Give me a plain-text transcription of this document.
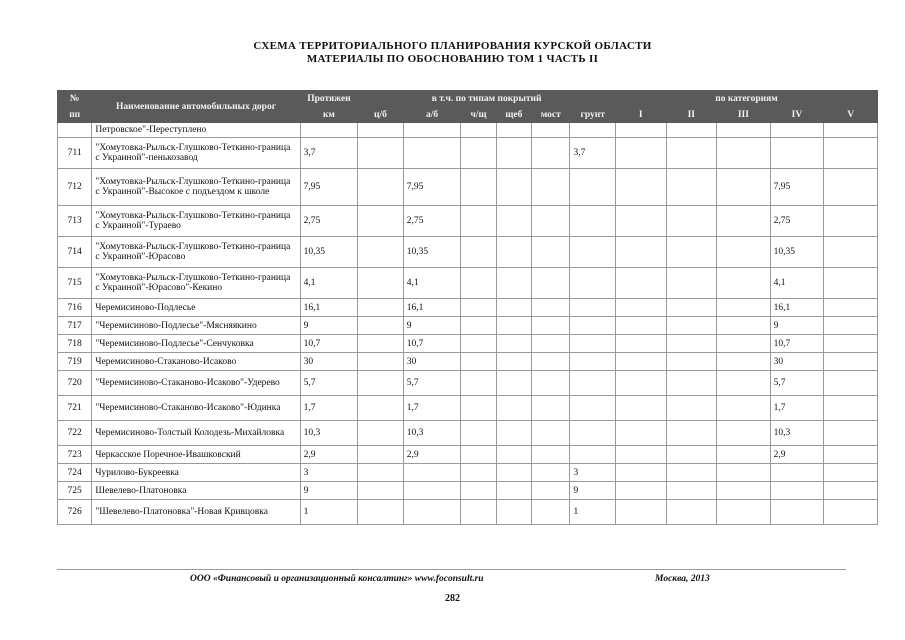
СХЕМА ТЕРРИТОРИАЛЬНОГО ПЛАНИРОВАНИЯ КУРСКОЙ ОБЛАСТИ
МАТЕРИАЛЫ ПО ОБОСНОВАНИЮ ТОМ 1 ЧАСТЬ II
№	Наименование автомобильных дорог	Протяжен	в т.ч. по типам покрытий						по категориям				
пп		км	ц/б	а/б	ч/щ	щеб	мост	грунт	I	II	III	IV	V
	Петровское"-Переступлено												
711	"Хомутовка-Рыльск-Глушково-Теткино-граница с Украиной"-пенькозавод	3,7						3,7					
712	"Хомутовка-Рыльск-Глушково-Теткино-граница с Украиной"-Высокое с подъездом к школе	7,95		7,95								7,95	
713	"Хомутовка-Рыльск-Глушково-Теткино-граница с Украиной"-Тураево	2,75		2,75								2,75	
714	"Хомутовка-Рыльск-Глушково-Теткино-граница с Украиной"-Юрасово	10,35		10,35								10,35	
715	"Хомутовка-Рыльск-Глушково-Теткино-граница с Украиной"-Юрасово"-Кекино	4,1		4,1								4,1	
716	Черемисиново-Подлесье	16,1		16,1								16,1	
717	"Черемисиново-Подлесье"-Мясняякино	9		9								9	
718	"Черемисиново-Подлесье"-Сенчуковка	10,7		10,7								10,7	
719	Черемисиново-Стаканово-Исаково	30		30								30	
720	"Черемисиново-Стаканово-Исаково"-Удерево	5,7		5,7								5,7	
721	"Черемисиново-Стаканово-Исаково"-Юдинка	1,7		1,7								1,7	
722	Черемисиново-Толстый Колодезь-Михайловка	10,3		10,3								10,3	
723	Черкасское Поречное-Ивашковский	2,9		2,9								2,9	
724	Чурилово-Букреевка	3						3					
725	Шевелево-Платоновка	9						9					
726	"Шевелево-Платоновка"-Новая Кривцовка	1						1					
ООО «Финансовый и организационный консалтинг» www.foconsult.ru	Москва, 2013
282
